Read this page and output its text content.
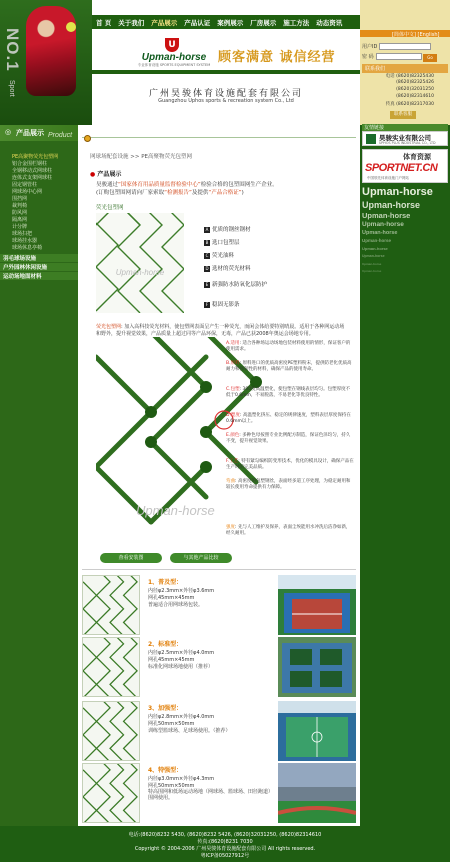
NO.1
Sport
首 页 关于我们 产品展示 产品认证 案例展示 厂房展示 施工方法 动态资讯
U
Upman-horse
专业体育设施 SPORTS EQUIPMENT SYSTEM 顾客满意 诚信经营
广州昊骏体育设施配套有限公司
Guangzhou Uphos sports & recreation system Co., Ltd
[简体中文] [English]
用户ID
密 码	Go
联系我们
电话 (8620)82325430
(8620)82325426
(8620)32031250
(8620)82314610
传真 (8620)82317030
联系客服
◎ 产品展示 Product
PE高聚物荧光包塑网
铝合金围栏钢柱
全钢移动式网球柱
连体式支架网球柱
固定钢管柱
网球场中心网
围挡网
裁判椅
防风网
隔离网
计分牌
球场扫把
球场挂水器
球场休息亭椅
羽毛球场设施
户外园林休闲设施
运动场地面材料
网球场配套设施 >> PE高聚物荧光包塑网
● 产品展示
昊骏通过“国家体育用品质量监督检验中心”检验合格的包塑围网生产企业。
(订购包塑围网请向厂家索取“检测报告”及提供“产品合格证”)
荧光包塑网
Upman-horse
A 优质的钢丝钢材
B 选口包塑层
C 荧光油料
D 选材的荧光材料
E 新强防水防氧化层防护
F 稳固无影条
荧光包塑网: 加入高科技荧光材料，使包塑网表面呈产生一种荧光，而闲会体给要特别晴晨。适用于各种网运动场和野外，提升视觉效果，产品质量上超过同等产品环保，无毒，产品已获2008年奥运会场地专用。
Upman-horse
A.适用: 适合各种场运动场地包装材料使用的情形，保证客户的使用需求。
B.原料: 原料进口的优质高密度PE塑料粉末，提供防老化优质高耐力和强韧性的材料，确保产品的使用寿命。
C.包塑: 300度高温塑化，使包塑在钢线表层均匀。包塑厚度不低于0.6mm，不易脱落，不易老化等优良特性。
D.塑度: 高温塑化挤压、稳定的规律速度，塑料表层厚度保持在0.6mm以上。
E.颜色: 多种色母按照专业比例配方制造，保证色泽均匀，持久不变，提升视觉效果。
F.工艺: 特有紧勾编织防变形技术，优化的模具设计，确保产品在生产时的完美品质。
弯曲: 高密度的包塑钢丝，表面经多道工序处理，为稳定耐用和较长使用寿命提供有力保障。
强度: 先与人工维护及保养，表面尘埃能用水冲洗后洁净如新，经久耐用。
查看安装图	与其他产品比较
1、普及型：
内径φ2.3mm×外径φ3.6mm
网孔45mm×45mm
普遍适合用网球场包装。
2、标准型：
内径φ2.5mm×外径φ4.0mm
网孔45mm×45mm
标准化网球场地使用（推荐）
3、加强型：
内径φ2.8mm×外径φ4.0mm
网孔50mm×50mm
训练型篮球场、足球场使用。（推荐）
4、特强型：
内径φ3.0mm×外径φ4.3mm
网孔50mm×50mm
特高围网和低场运动场地（网球场、篮球场、田径跑道）围网使用。
友情链接
昊骏实业有限公司
UPHOS PLUS INDUSTRIAL CO., LTD
体育资源
SPORTNET.CN
中国领先体育设施门户网站
Upman-horse
Upman-horse
Upman-horse
Upman-horse
Upman-horse
Upman-horse
Upman-horse
Upman-horse
Upman-horse
Upman-horse
电话:(8620)8232 5430, (8620)8232 5426, (8620)32031250, (8620)82314610
传真:(8620)8231 7030
Copyright © 2004-2006 广州昊骏体育设施配套有限公司 All rights reserved.
粤ICP备05027912号
